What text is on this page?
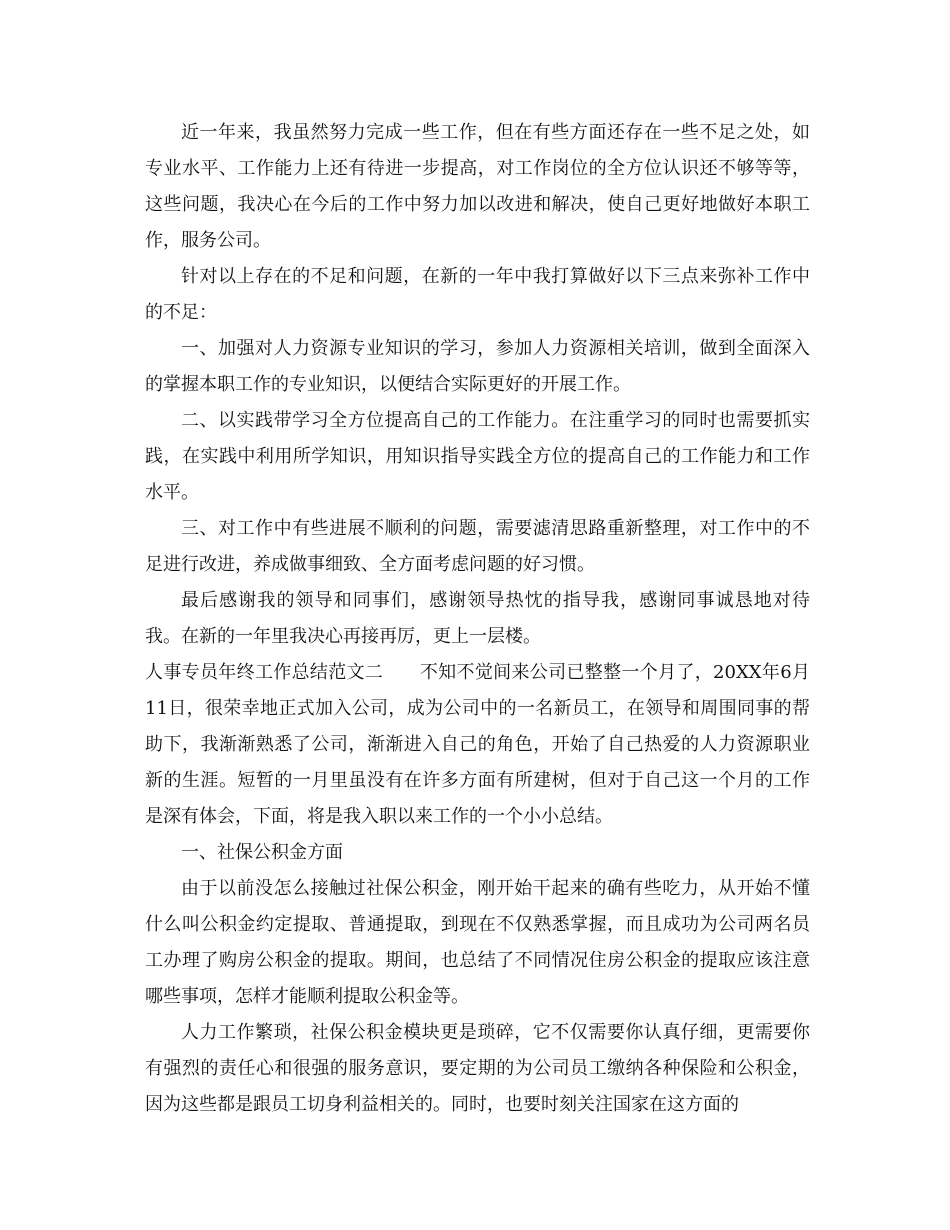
近一年来，我虽然努力完成一些工作，但在有些方面还存在一些不足之处，如专业水平、工作能力上还有待进一步提高，对工作岗位的全方位认识还不够等等，这些问题，我决心在今后的工作中努力加以改进和解决，使自己更好地做好本职工作，服务公司。

针对以上存在的不足和问题，在新的一年中我打算做好以下三点来弥补工作中的不足：

一、加强对人力资源专业知识的学习，参加人力资源相关培训，做到全面深入的掌握本职工作的专业知识，以便结合实际更好的开展工作。

二、以实践带学习全方位提高自己的工作能力。在注重学习的同时也需要抓实践，在实践中利用所学知识，用知识指导实践全方位的提高自己的工作能力和工作水平。

三、对工作中有些进展不顺利的问题，需要滤清思路重新整理，对工作中的不足进行改进，养成做事细致、全方面考虑问题的好习惯。

最后感谢我的领导和同事们，感谢领导热忱的指导我，感谢同事诚恳地对待我。在新的一年里我决心再接再厉，更上一层楼。

人事专员年终工作总结范文二　　不知不觉间来公司已整整一个月了，20XX年6月11日，很荣幸地正式加入公司，成为公司中的一名新员工，在领导和周围同事的帮助下，我渐渐熟悉了公司，渐渐进入自己的角色，开始了自己热爱的人力资源职业新的生涯。短暂的一月里虽没有在许多方面有所建树，但对于自己这一个月的工作是深有体会，下面，将是我入职以来工作的一个小小总结。

一、社保公积金方面

由于以前没怎么接触过社保公积金，刚开始干起来的确有些吃力，从开始不懂什么叫公积金约定提取、普通提取，到现在不仅熟悉掌握，而且成功为公司两名员工办理了购房公积金的提取。期间，也总结了不同情况住房公积金的提取应该注意哪些事项，怎样才能顺利提取公积金等。

人力工作繁琐，社保公积金模块更是琐碎，它不仅需要你认真仔细，更需要你有强烈的责任心和很强的服务意识，要定期的为公司员工缴纳各种保险和公积金，因为这些都是跟员工切身利益相关的。同时，也要时刻关注国家在这方面的
